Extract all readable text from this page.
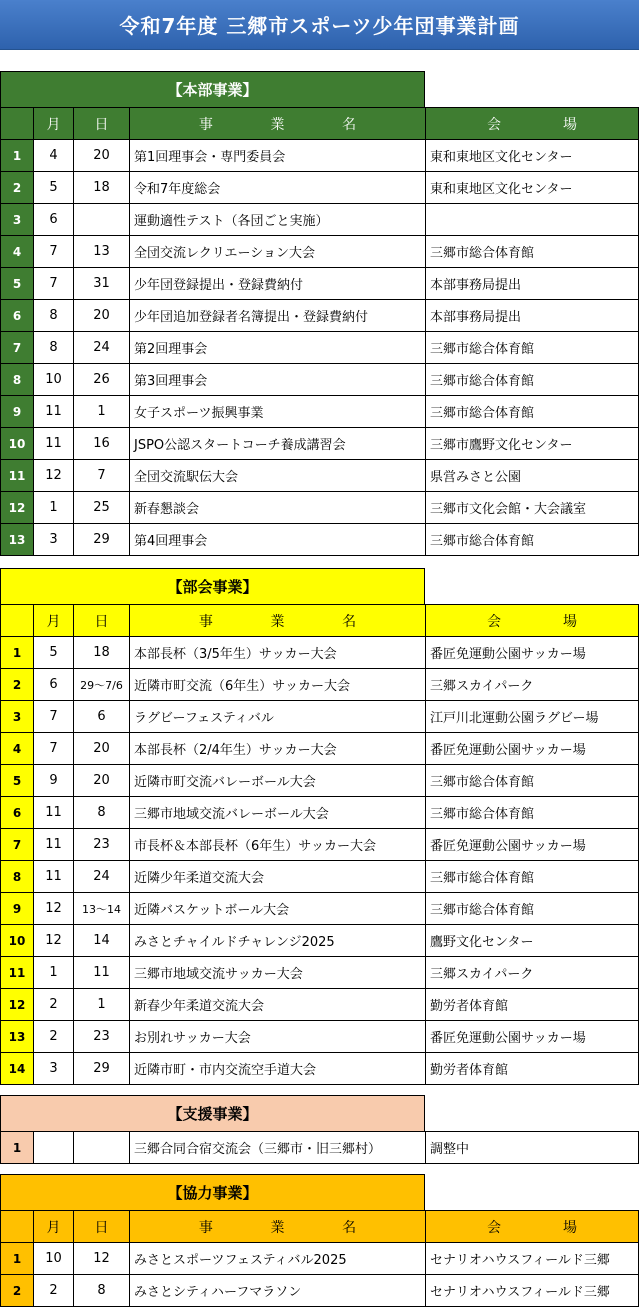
令和7年度 三郷市スポーツ少年団事業計画
【本部事業】
	月	日	事 業 名	会 場

1	4	20	第1回理事会・専門委員会	東和東地区文化センター
2	5	18	令和7年度総会	東和東地区文化センター
3	6		運動適性テスト（各団ごと実施）	
4	7	13	全団交流レクリエーション大会	三郷市総合体育館
5	7	31	少年団登録提出・登録費納付	本部事務局提出
6	8	20	少年団追加登録者名簿提出・登録費納付	本部事務局提出
7	8	24	第2回理事会	三郷市総合体育館
8	10	26	第3回理事会	三郷市総合体育館
9	11	1	女子スポーツ振興事業	三郷市総合体育館
10	11	16	JSPO公認スタートコーチ養成講習会	三郷市鷹野文化センター
11	12	7	全団交流駅伝大会	県営みさと公園
12	1	25	新春懇談会	三郷市文化会館・大会議室
13	3	29	第4回理事会	三郷市総合体育館
【部会事業】
	月	日	事 業 名	会 場

1	5	18	本部長杯（3/5年生）サッカー大会	番匠免運動公園サッカー場
2	6	29～7/6	近隣市町交流（6年生）サッカー大会	三郷スカイパーク
3	7	6	ラグビーフェスティバル	江戸川北運動公園ラグビー場
4	7	20	本部長杯（2/4年生）サッカー大会	番匠免運動公園サッカー場
5	9	20	近隣市町交流バレーボール大会	三郷市総合体育館
6	11	8	三郷市地域交流バレーボール大会	三郷市総合体育館
7	11	23	市長杯＆本部長杯（6年生）サッカー大会	番匠免運動公園サッカー場
8	11	24	近隣少年柔道交流大会	三郷市総合体育館
9	12	13～14	近隣バスケットボール大会	三郷市総合体育館
10	12	14	みさとチャイルドチャレンジ2025	鷹野文化センター
11	1	11	三郷市地域交流サッカー大会	三郷スカイパーク
12	2	1	新春少年柔道交流大会	勤労者体育館
13	2	23	お別れサッカー大会	番匠免運動公園サッカー場
14	3	29	近隣市町・市内交流空手道大会	勤労者体育館
【支援事業】
1			三郷合同合宿交流会（三郷市・旧三郷村）	調整中
【協力事業】
	月	日	事 業 名	会 場

1	10	12	みさとスポーツフェスティバル2025	セナリオハウスフィールド三郷
2	2	8	みさとシティハーフマラソン	セナリオハウスフィールド三郷
